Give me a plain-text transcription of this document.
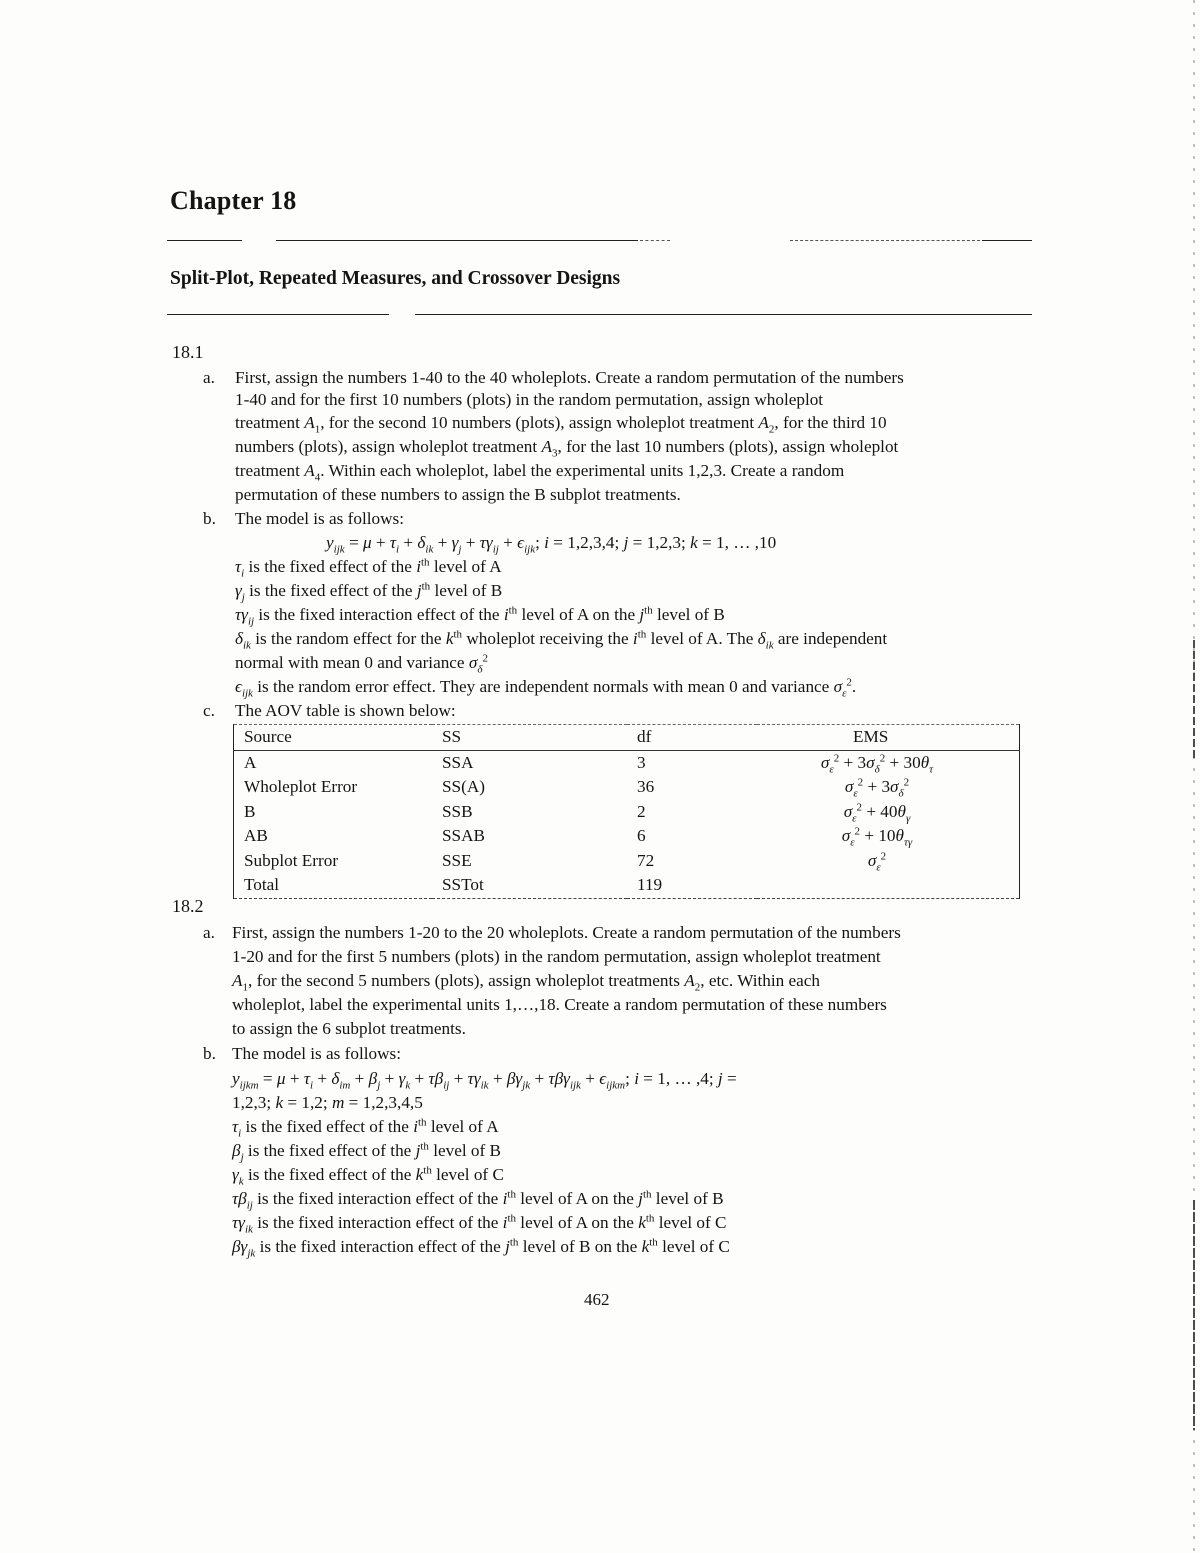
Chapter 18
Split-Plot, Repeated Measures, and Crossover Designs
18.1
a. First, assign the numbers 1-40 to the 40 wholeplots. Create a random permutation of the numbers
1-40 and for the first 10 numbers (plots) in the random permutation, assign wholeplot
treatment $A_1$, for the second 10 numbers (plots), assign wholeplot treatment $A_2$, for the third 10
numbers (plots), assign wholeplot treatment $A_3$, for the last 10 numbers (plots), assign wholeplot
treatment $A_4$. Within each wholeplot, label the experimental units 1,2,3. Create a random
permutation of these numbers to assign the B subplot treatments.
b. The model is as follows:
$y_{ijk} = \mu + \tau_i + \delta_{ik} + \gamma_j + \tau\gamma_{ij} + \epsilon_{ijk}$; i = 1,2,3,4; j = 1,2,3; k = 1, … ,10
$\tau_i$ is the fixed effect of the $i^{th}$ level of A
$\gamma_j$ is the fixed effect of the $j^{th}$ level of B
$\tau\gamma_{ij}$ is the fixed interaction effect of the $i^{th}$ level of A on the $j^{th}$ level of B
$\delta_{ik}$ is the random effect for the $k^{th}$ wholeplot receiving the $i^{th}$ level of A. The $\delta_{ik}$ are independent
normal with mean 0 and variance $\sigma_\delta^2$
$\epsilon_{ijk}$ is the random error effect. They are independent normals with mean 0 and variance $\sigma_\varepsilon^2$.
c. The AOV table is shown below:
Source	SS	df	EMS
A	SSA	3	$\sigma_\varepsilon^2 + 3\sigma_\delta^2 + 30\theta_\tau$
Wholeplot Error	SS(A)	36	$\sigma_\varepsilon^2 + 3\sigma_\delta^2$
B	SSB	2	$\sigma_\varepsilon^2 + 40\theta_\gamma$
AB	SSAB	6	$\sigma_\varepsilon^2 + 10\theta_{\tau\gamma}$
Subplot Error	SSE	72	$\sigma_\varepsilon^2$
Total	SSTot	119	
18.2
a. First, assign the numbers 1-20 to the 20 wholeplots. Create a random permutation of the numbers
1-20 and for the first 5 numbers (plots) in the random permutation, assign wholeplot treatment
$A_1$, for the second 5 numbers (plots), assign wholeplot treatments $A_2$, etc. Within each
wholeplot, label the experimental units 1,…,18. Create a random permutation of these numbers
to assign the 6 subplot treatments.
b. The model is as follows:
$y_{ijkm} = \mu + \tau_i + \delta_{im} + \beta_j + \gamma_k + \tau\beta_{ij} + \tau\gamma_{ik} + \beta\gamma_{jk} + \tau\beta\gamma_{ijk} + \epsilon_{ijkm}$; i = 1, … ,4; j =
1,2,3; k = 1,2; m = 1,2,3,4,5
$\tau_i$ is the fixed effect of the $i^{th}$ level of A
$\beta_j$ is the fixed effect of the $j^{th}$ level of B
$\gamma_k$ is the fixed effect of the $k^{th}$ level of C
$\tau\beta_{ij}$ is the fixed interaction effect of the $i^{th}$ level of A on the $j^{th}$ level of B
$\tau\gamma_{ik}$ is the fixed interaction effect of the $i^{th}$ level of A on the $k^{th}$ level of C
$\beta\gamma_{jk}$ is the fixed interaction effect of the $j^{th}$ level of B on the $k^{th}$ level of C
462
